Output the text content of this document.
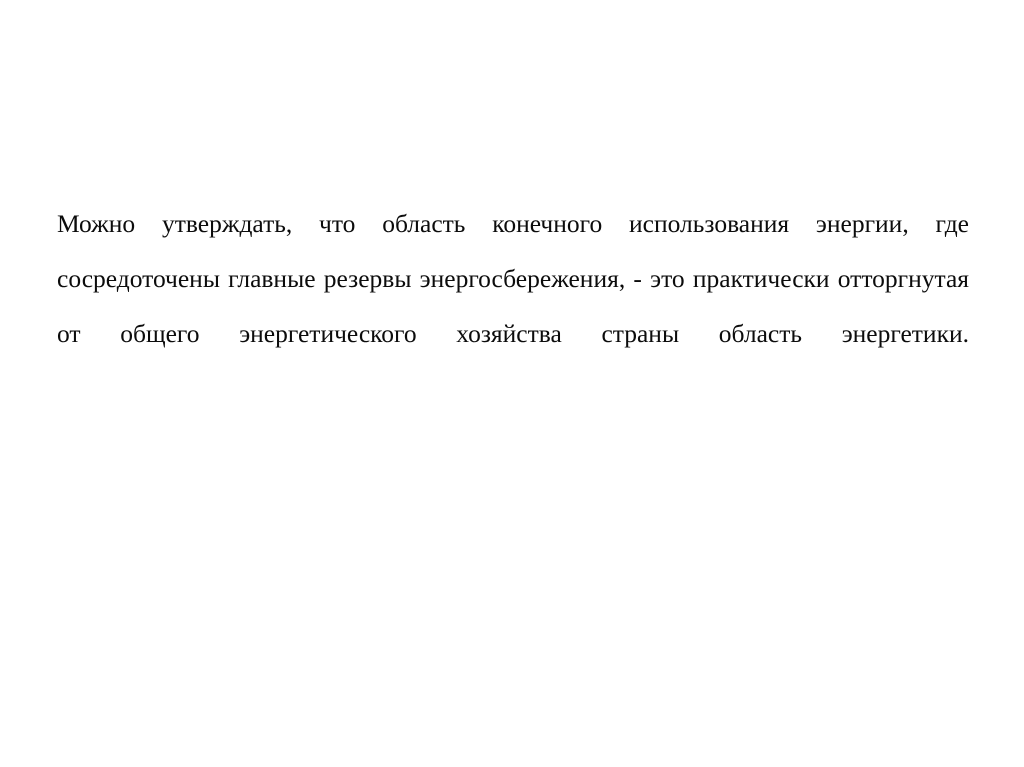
Можно утверждать, что область конечного использования энергии, где сосредоточены главные резервы энергосбережения, - это практически отторгнутая от общего энергетического хозяйства страны область энергетики.
